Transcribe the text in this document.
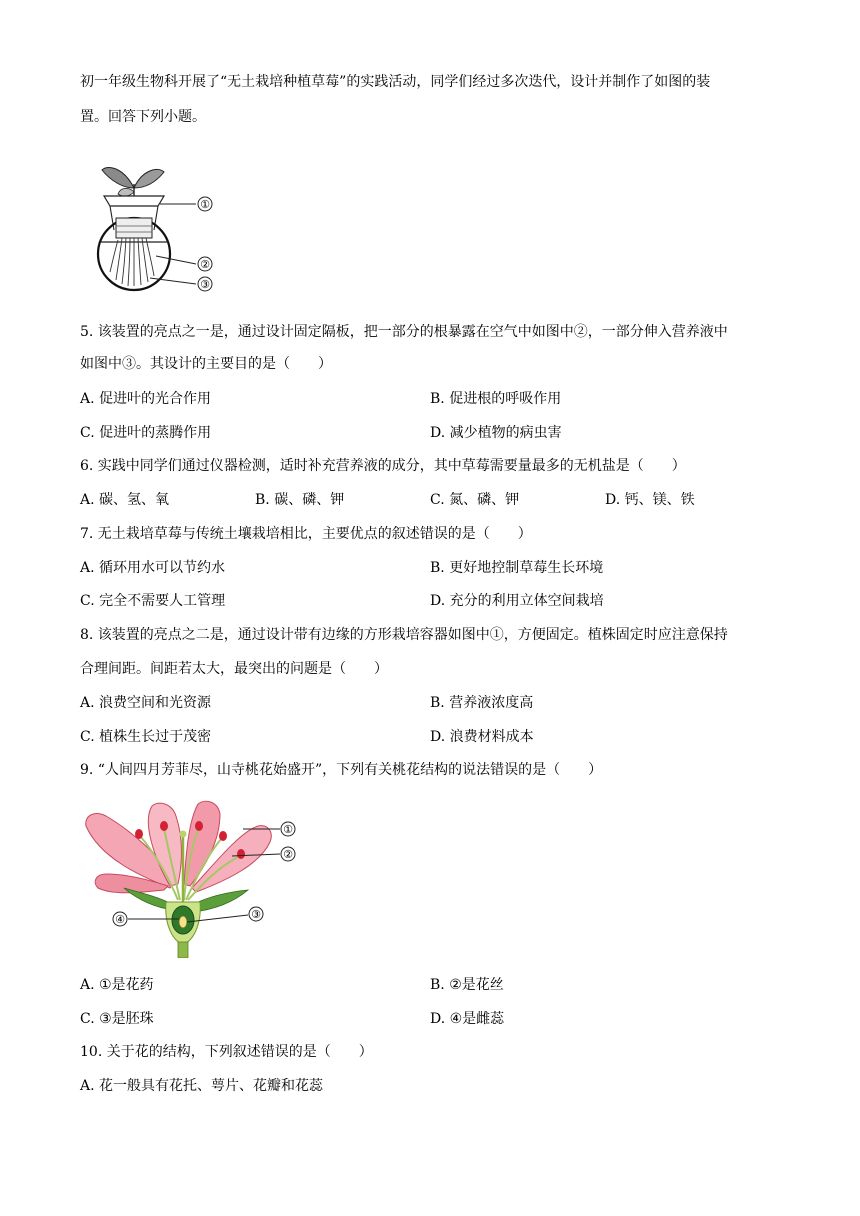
初一年级生物科开展了“无土栽培种植草莓”的实践活动，同学们经过多次迭代，设计并制作了如图的装
置。回答下列小题。
①
②
③
5. 该装置的亮点之一是，通过设计固定隔板，把一部分的根暴露在空气中如图中②，一部分伸入营养液中
如图中③。其设计的主要目的是（　　）
A. 促进叶的光合作用	B. 促进根的呼吸作用
C. 促进叶的蒸腾作用	D. 减少植物的病虫害
6. 实践中同学们通过仪器检测，适时补充营养液的成分，其中草莓需要量最多的无机盐是（　　）
A. 碳、氢、氧	B. 碳、磷、钾	C. 氮、磷、钾	D. 钙、镁、铁
7. 无土栽培草莓与传统土壤栽培相比，主要优点的叙述错误的是（　　）
A. 循环用水可以节约水	B. 更好地控制草莓生长环境
C. 完全不需要人工管理	D. 充分的利用立体空间栽培
8. 该装置的亮点之二是，通过设计带有边缘的方形栽培容器如图中①，方便固定。植株固定时应注意保持
合理间距。间距若太大，最突出的问题是（　　）
A. 浪费空间和光资源	B. 营养液浓度高
C. 植株生长过于茂密	D. 浪费材料成本
9. “人间四月芳菲尽，山寺桃花始盛开”，下列有关桃花结构的说法错误的是（　　）
①
②
③
④
A. ①是花药	B. ②是花丝
C. ③是胚珠	D. ④是雌蕊
10. 关于花的结构，下列叙述错误的是（　　）
A. 花一般具有花托、萼片、花瓣和花蕊
